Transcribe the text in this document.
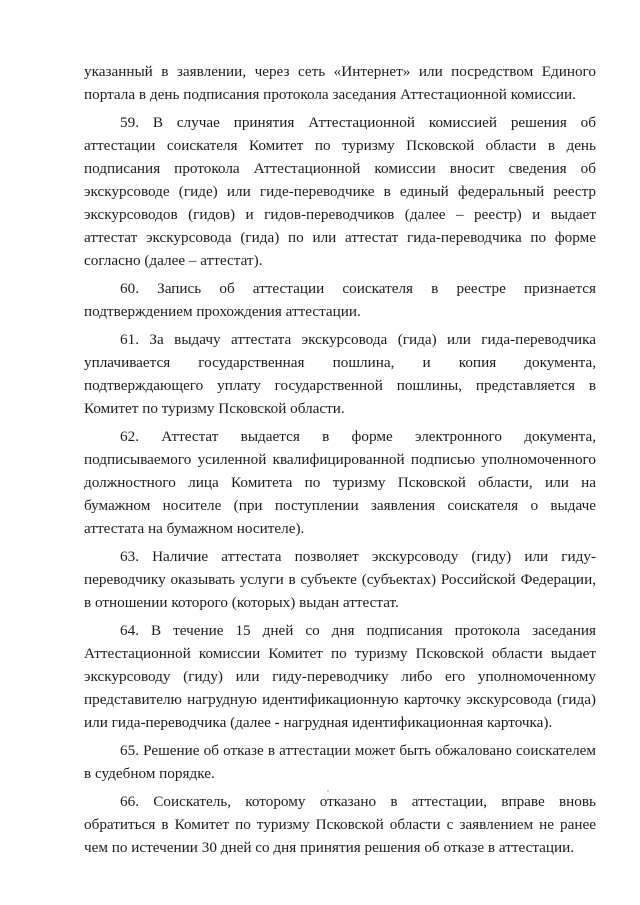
указанный в заявлении, через сеть «Интернет» или посредством Единого портала в день подписания протокола заседания Аттестационной комиссии.

59. В случае принятия Аттестационной комиссией решения об аттестации соискателя Комитет по туризму Псковской области в день подписания протокола Аттестационной комиссии вносит сведения об экскурсоводе (гиде) или гиде-переводчике в единый федеральный реестр экскурсоводов (гидов) и гидов-переводчиков (далее – реестр) и выдает аттестат экскурсовода (гида) по или аттестат гида-переводчика по форме согласно (далее – аттестат).

60. Запись об аттестации соискателя в реестре признается подтверждением прохождения аттестации.

61. За выдачу аттестата экскурсовода (гида) или гида-переводчика уплачивается государственная пошлина, и копия документа, подтверждающего уплату государственной пошлины, представляется в Комитет по туризму Псковской области.

62. Аттестат выдается в форме электронного документа, подписываемого усиленной квалифицированной подписью уполномоченного должностного лица Комитета по туризму Псковской области, или на бумажном носителе (при поступлении заявления соискателя о выдаче аттестата на бумажном носителе).

63. Наличие аттестата позволяет экскурсоводу (гиду) или гиду-переводчику оказывать услуги в субъекте (субъектах) Российской Федерации, в отношении которого (которых) выдан аттестат.

64. В течение 15 дней со дня подписания протокола заседания Аттестационной комиссии Комитет по туризму Псковской области выдает экскурсоводу (гиду) или гиду-переводчику либо его уполномоченному представителю нагрудную идентификационную карточку экскурсовода (гида) или гида-переводчика (далее - нагрудная идентификационная карточка).

65. Решение об отказе в аттестации может быть обжаловано соискателем в судебном порядке.

66. Соискатель, которому отказано в аттестации, вправе вновь обратиться в Комитет по туризму Псковской области с заявлением не ранее чем по истечении 30 дней со дня принятия решения об отказе в аттестации.
